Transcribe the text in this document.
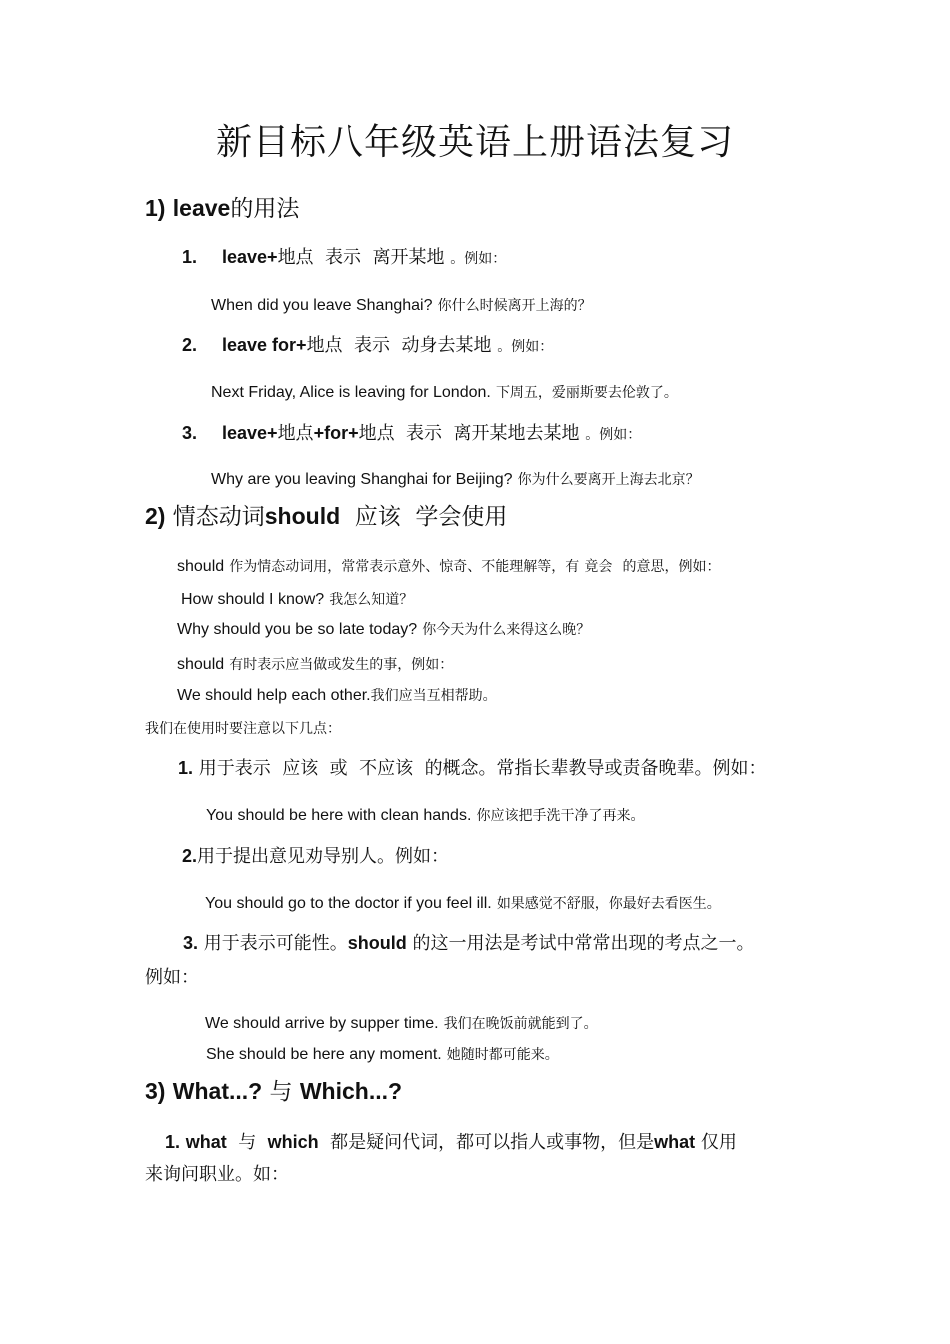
新目标八年级英语上册语法复习
1) leave的用法
1. leave+地点 表示 离开某地 。例如：
When did you leave Shanghai? 你什么时候离开上海的？
2. leave for+地点 表示 动身去某地 。例如：
Next Friday, Alice is leaving for London. 下周五，爱丽斯要去伦敦了。
3. leave+地点+for+地点 表示 离开某地去某地 。例如：
Why are you leaving Shanghai for Beijing? 你为什么要离开上海去北京？
2) 情态动词should 应该 学会使用
should 作为情态动词用，常常表示意外、惊奇、不能理解等，有 竟会 的意思，例如：
How should I know? 我怎么知道？
Why should you be so late today? 你今天为什么来得这么晚？
should 有时表示应当做或发生的事，例如：
We should help each other.我们应当互相帮助。
我们在使用时要注意以下几点：
1. 用于表示 应该 或 不应该 的概念。常指长辈教导或责备晚辈。例如：
You should be here with clean hands. 你应该把手洗干净了再来。
2.用于提出意见劝导别人。例如：
You should go to the doctor if you feel ill. 如果感觉不舒服，你最好去看医生。
3. 用于表示可能性。should 的这一用法是考试中常常出现的考点之一。
例如：
We should arrive by supper time. 我们在晚饭前就能到了。
She should be here any moment. 她随时都可能来。
3) What...? 与 Which...?
1. what 与 which 都是疑问代词，都可以指人或事物，但是what 仅用
来询问职业。如：
